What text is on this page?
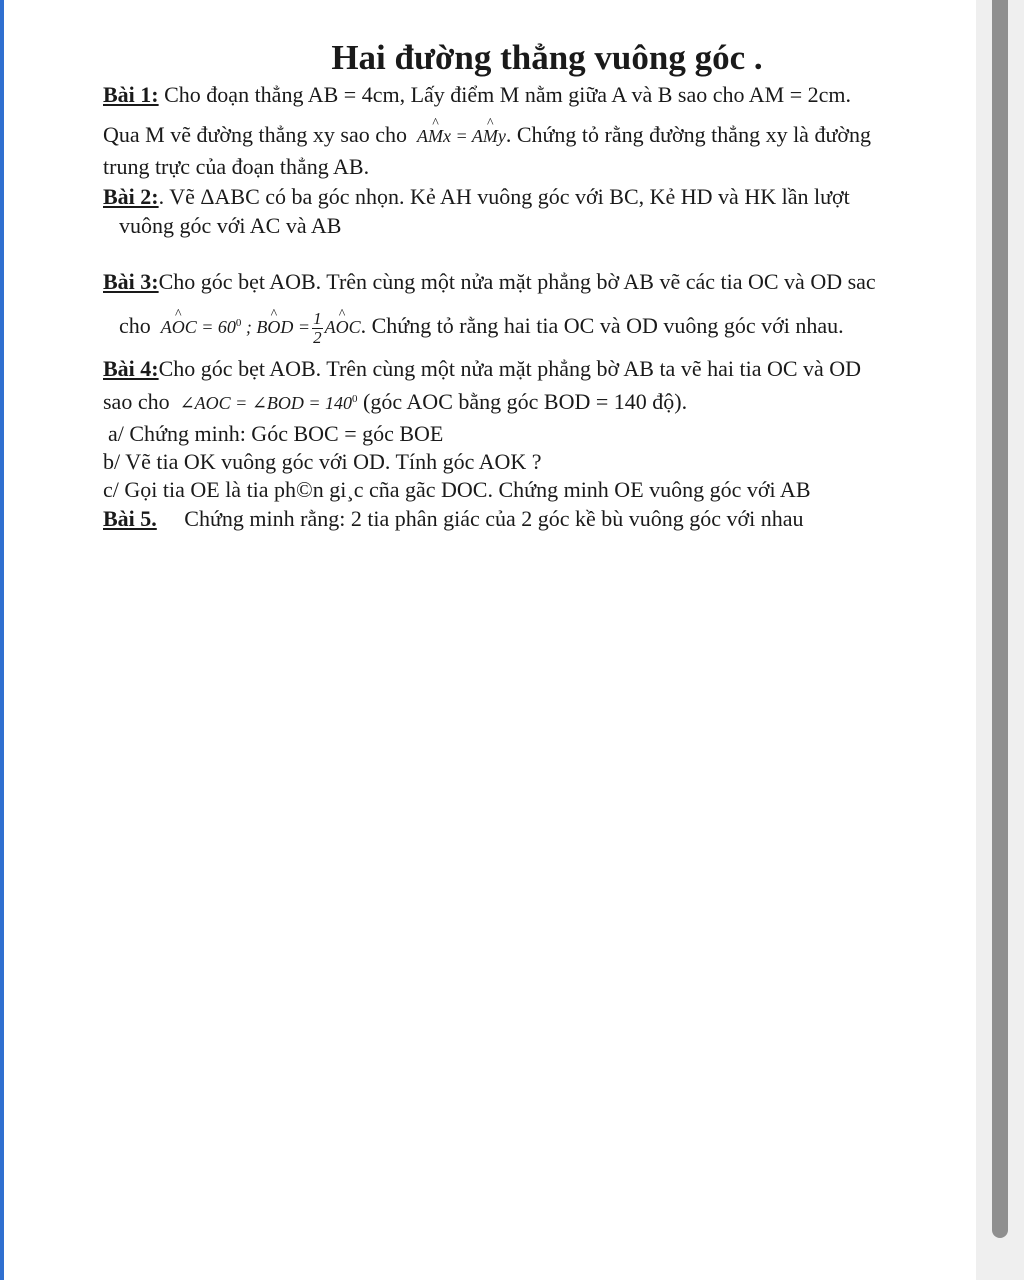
Hai đường thẳng vuông góc .
Bài 1: Cho đoạn thẳng AB = 4cm, Lấy điểm M nằm giữa A và B sao cho AM = 2cm.
Qua M vẽ đường thẳng xy sao cho  A^ Mx = A^ My. Chứng tỏ rằng đường thẳng xy là đường
trung trực của đoạn thẳng AB.
Bài 2:. Vẽ ΔABC có ba góc nhọn. Kẻ AH vuông góc với BC, Kẻ HD và HK lần lượt
vuông góc với AC và AB
Bài 3:Cho góc bẹt AOB. Trên cùng một nửa mặt phẳng bờ AB vẽ các tia OC và OD sac
cho  A^ OC = $60^0$ ; B^ OD = $\frac{1}{2}$ A^ OC. Chứng tỏ rằng hai tia OC và OD vuông góc với nhau.
Bài 4:Cho góc bẹt AOB. Trên cùng một nửa mặt phẳng bờ AB ta vẽ hai tia OC và OD
sao cho ∠AOC = ∠BOD = $140^0$ (góc AOC bằng góc BOD = 140 độ).
a/ Chứng minh: Góc BOC = góc BOE
b/ Vẽ tia OK vuông góc với OD. Tính góc AOK ?
c/ Gọi tia OE là tia ph©n gi¸c cña gãc DOC. Chứng minh OE vuông góc với AB
Bài 5. Chứng minh rằng: 2 tia phân giác của 2 góc kề bù vuông góc với nhau
